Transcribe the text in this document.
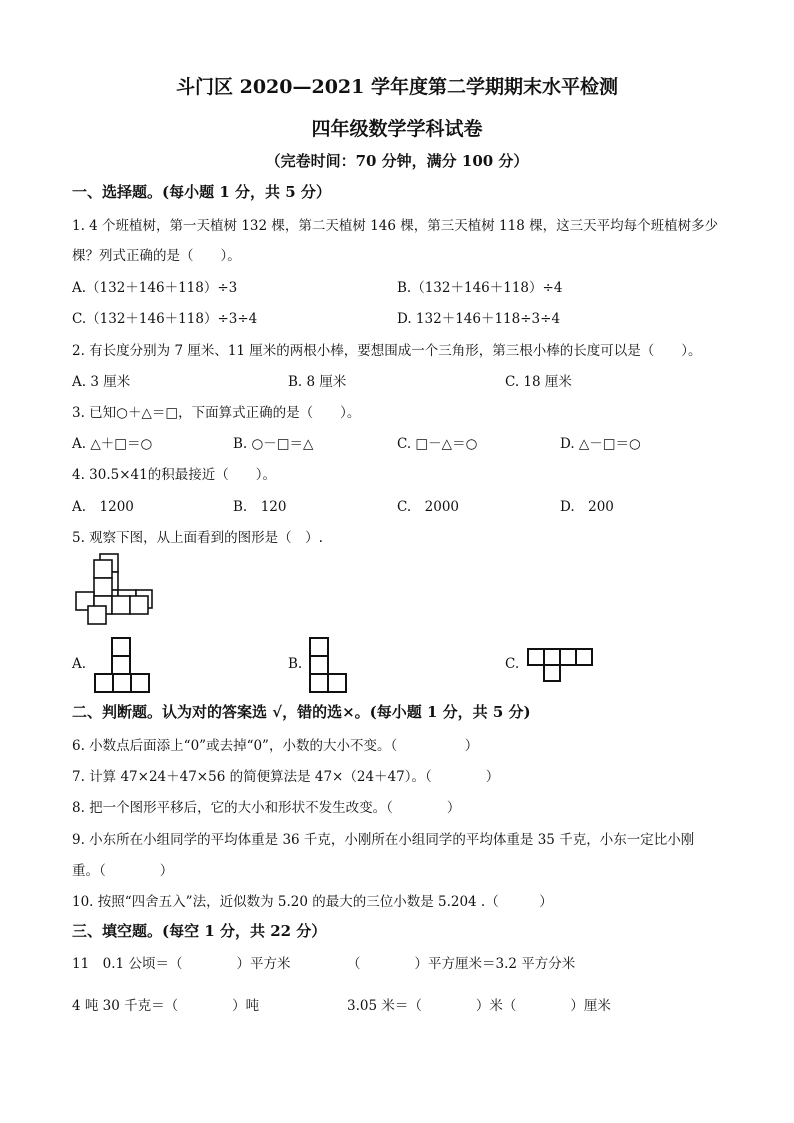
斗门区 2020—2021 学年度第二学期期末水平检测
四年级数学学科试卷
（完卷时间：70 分钟，满分 100 分）
一、选择题。(每小题 1 分，共 5 分）
1. 4 个班植树，第一天植树 132 棵，第二天植树 146 棵，第三天植树 118 棵，这三天平均每个班植树多少
棵？列式正确的是（　　）。
A.（132＋146＋118）÷3	B.（132＋146＋118）÷4
C.（132＋146＋118）÷3÷4	D. 132＋146＋118÷3÷4
2. 有长度分别为 7 厘米、11 厘米的两根小棒，要想围成一个三角形，第三根小棒的长度可以是（　　）。
A. 3 厘米	B. 8 厘米	C. 18 厘米
3. 已知○＋△＝□，下面算式正确的是（　　）。
A. △＋□＝○	B. ○－□＝△	C. □－△＝○	D. △－□＝○
4. 30.5×41的积最接近（　　）。
A.　1200	B.　120	C.　2000	D.　200
5. 观察下图，从上面看到的图形是（　）.
A.	B.	C.
二、判断题。认为对的答案选 √，错的选×。(每小题 1 分，共 5 分)
6. 小数点后面添上“0”或去掉“0”，小数的大小不变。（　　　　　）
7. 计算 47×24＋47×56 的简便算法是 47×（24＋47）。（　　　　）
8. 把一个图形平移后，它的大小和形状不发生改变。（　　　　）
9. 小东所在小组同学的平均体重是 36 千克，小刚所在小组同学的平均体重是 35 千克，小东一定比小刚
重。（　　　　）
10. 按照“四舍五入”法，近似数为 5.20 的最大的三位小数是 5.204 .（　　　）
三、填空题。(每空 1 分，共 22 分）
11　0.1 公顷＝（　　　　）平方米	（　　　　）平方厘米＝3.2 平方分米
4 吨 30 千克＝（　　　　）吨	3.05 米＝（　　　　）米（　　　　）厘米
